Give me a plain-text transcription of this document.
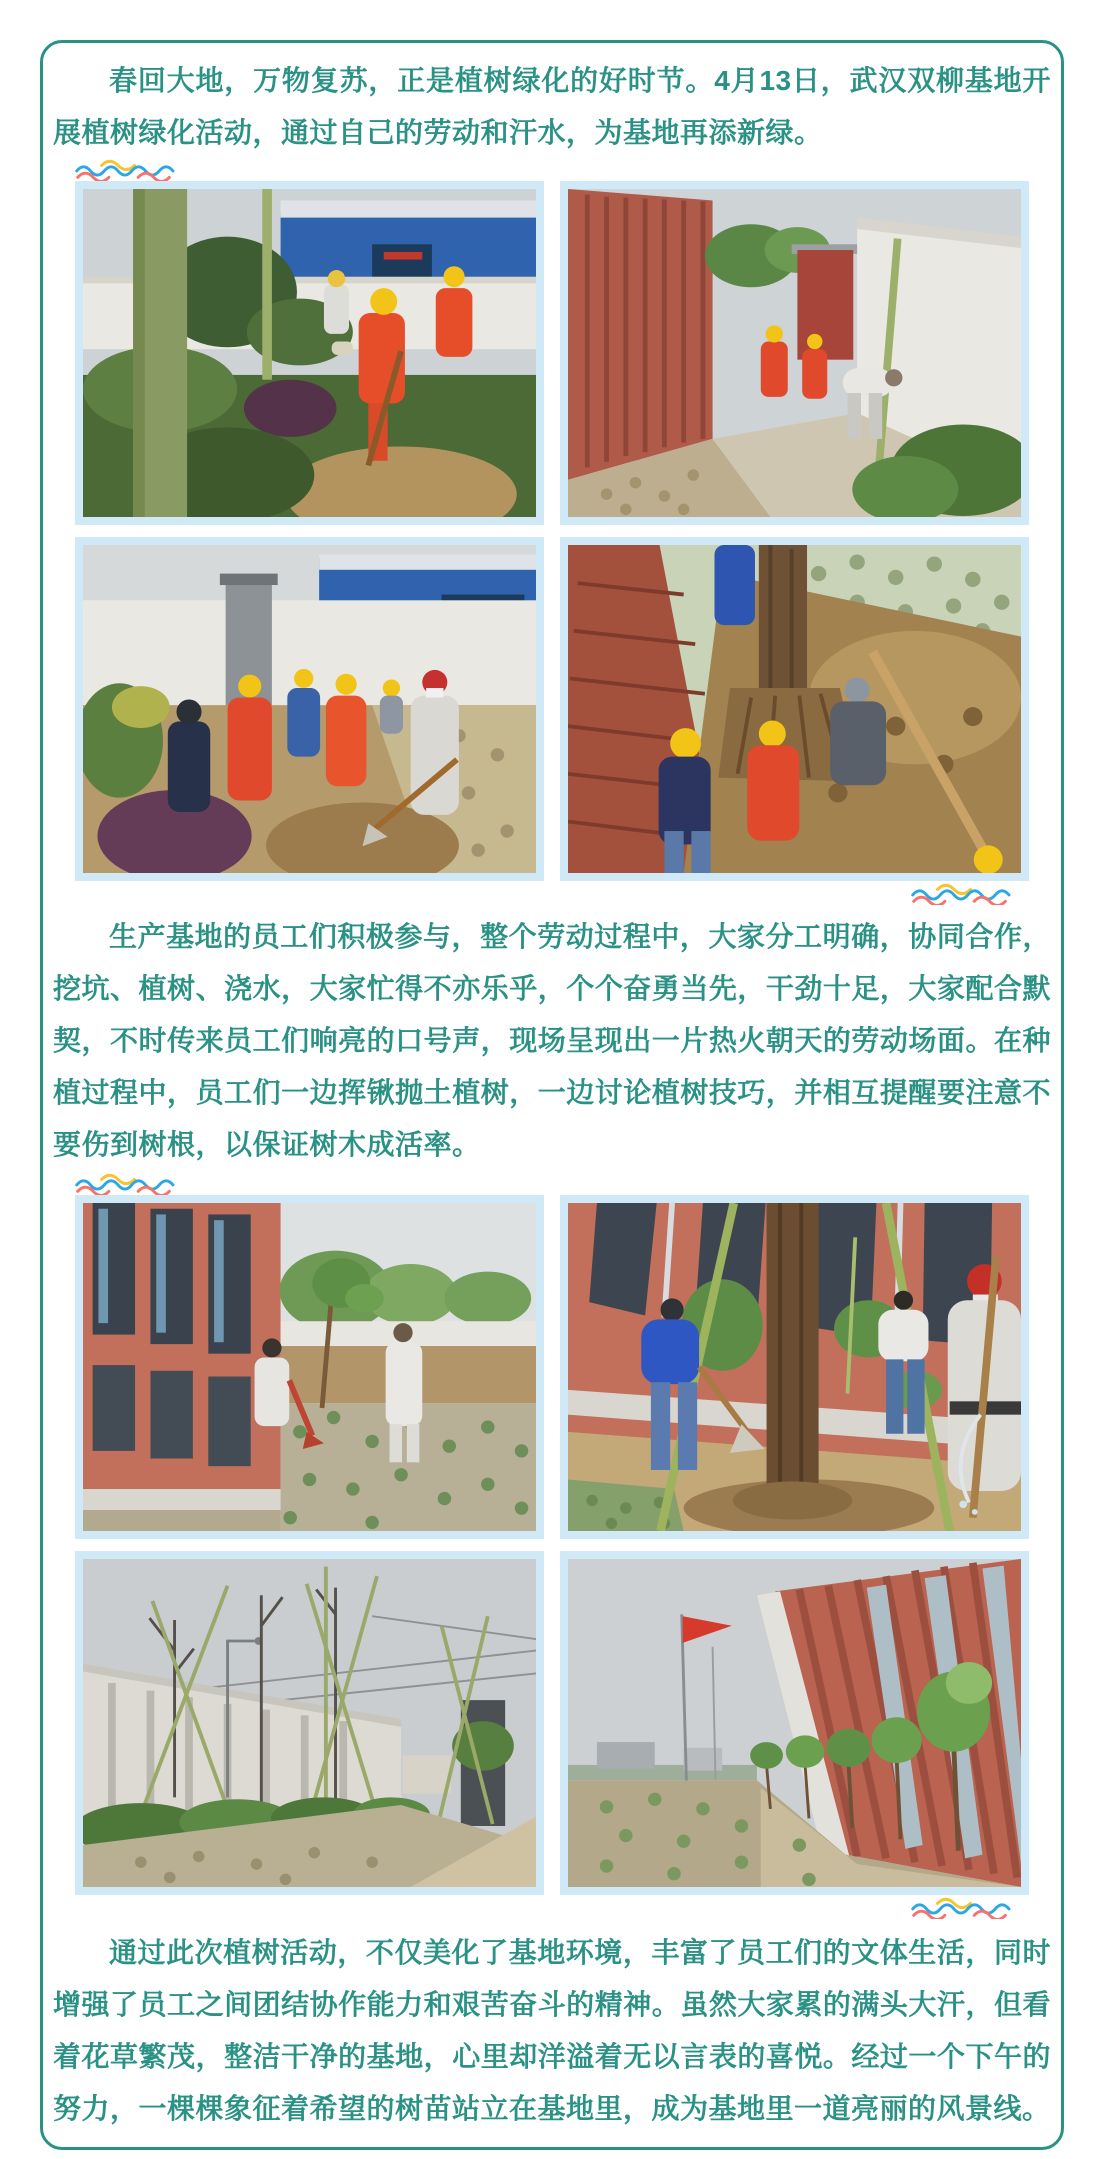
春回大地，万物复苏，正是植树绿化的好时节。4月13日，武汉双柳基地开展植树绿化活动，通过自己的劳动和汗水，为基地再添新绿。

生产基地的员工们积极参与，整个劳动过程中，大家分工明确，协同合作，挖坑、植树、浇水，大家忙得不亦乐乎，个个奋勇当先，干劲十足，大家配合默契，不时传来员工们响亮的口号声，现场呈现出一片热火朝天的劳动场面。在种植过程中，员工们一边挥锹抛土植树，一边讨论植树技巧，并相互提醒要注意不要伤到树根，以保证树木成活率。

通过此次植树活动，不仅美化了基地环境，丰富了员工们的文体生活，同时增强了员工之间团结协作能力和艰苦奋斗的精神。虽然大家累的满头大汗，但看着花草繁茂，整洁干净的基地，心里却洋溢着无以言表的喜悦。经过一个下午的努力，一棵棵象征着希望的树苗站立在基地里，成为基地里一道亮丽的风景线。
